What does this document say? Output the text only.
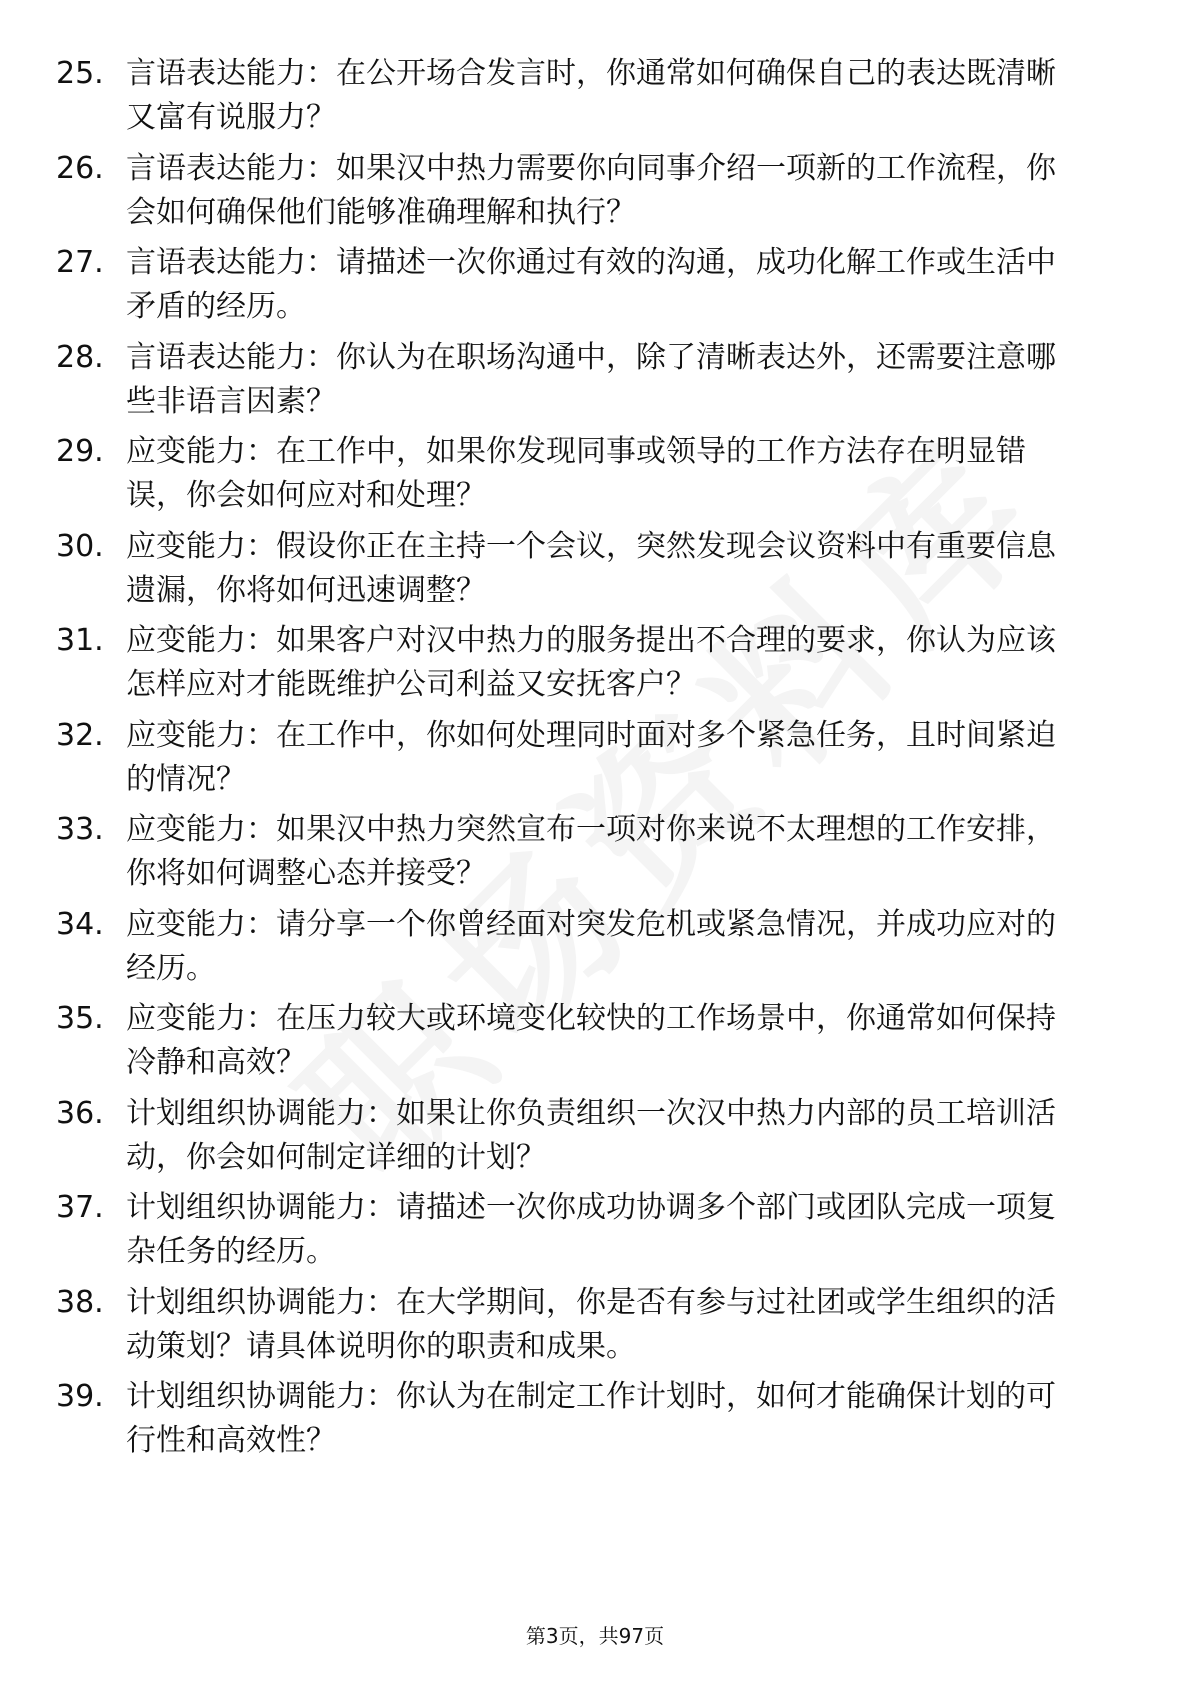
25. 言语表达能力：在公开场合发言时，你通常如何确保自己的表达既清晰又富有说服力？
26. 言语表达能力：如果汉中热力需要你向同事介绍一项新的工作流程，你会如何确保他们能够准确理解和执行？
27. 言语表达能力：请描述一次你通过有效的沟通，成功化解工作或生活中矛盾的经历。
28. 言语表达能力：你认为在职场沟通中，除了清晰表达外，还需要注意哪些非语言因素？
29. 应变能力：在工作中，如果你发现同事或领导的工作方法存在明显错误，你会如何应对和处理？
30. 应变能力：假设你正在主持一个会议，突然发现会议资料中有重要信息遗漏，你将如何迅速调整？
31. 应变能力：如果客户对汉中热力的服务提出不合理的要求，你认为应该怎样应对才能既维护公司利益又安抚客户？
32. 应变能力：在工作中，你如何处理同时面对多个紧急任务，且时间紧迫的情况？
33. 应变能力：如果汉中热力突然宣布一项对你来说不太理想的工作安排，你将如何调整心态并接受？
34. 应变能力：请分享一个你曾经面对突发危机或紧急情况，并成功应对的经历。
35. 应变能力：在压力较大或环境变化较快的工作场景中，你通常如何保持冷静和高效？
36. 计划组织协调能力：如果让你负责组织一次汉中热力内部的员工培训活动，你会如何制定详细的计划？
37. 计划组织协调能力：请描述一次你成功协调多个部门或团队完成一项复杂任务的经历。
38. 计划组织协调能力：在大学期间，你是否有参与过社团或学生组织的活动策划？请具体说明你的职责和成果。
39. 计划组织协调能力：你认为在制定工作计划时，如何才能确保计划的可行性和高效性？
第3页，共97页
